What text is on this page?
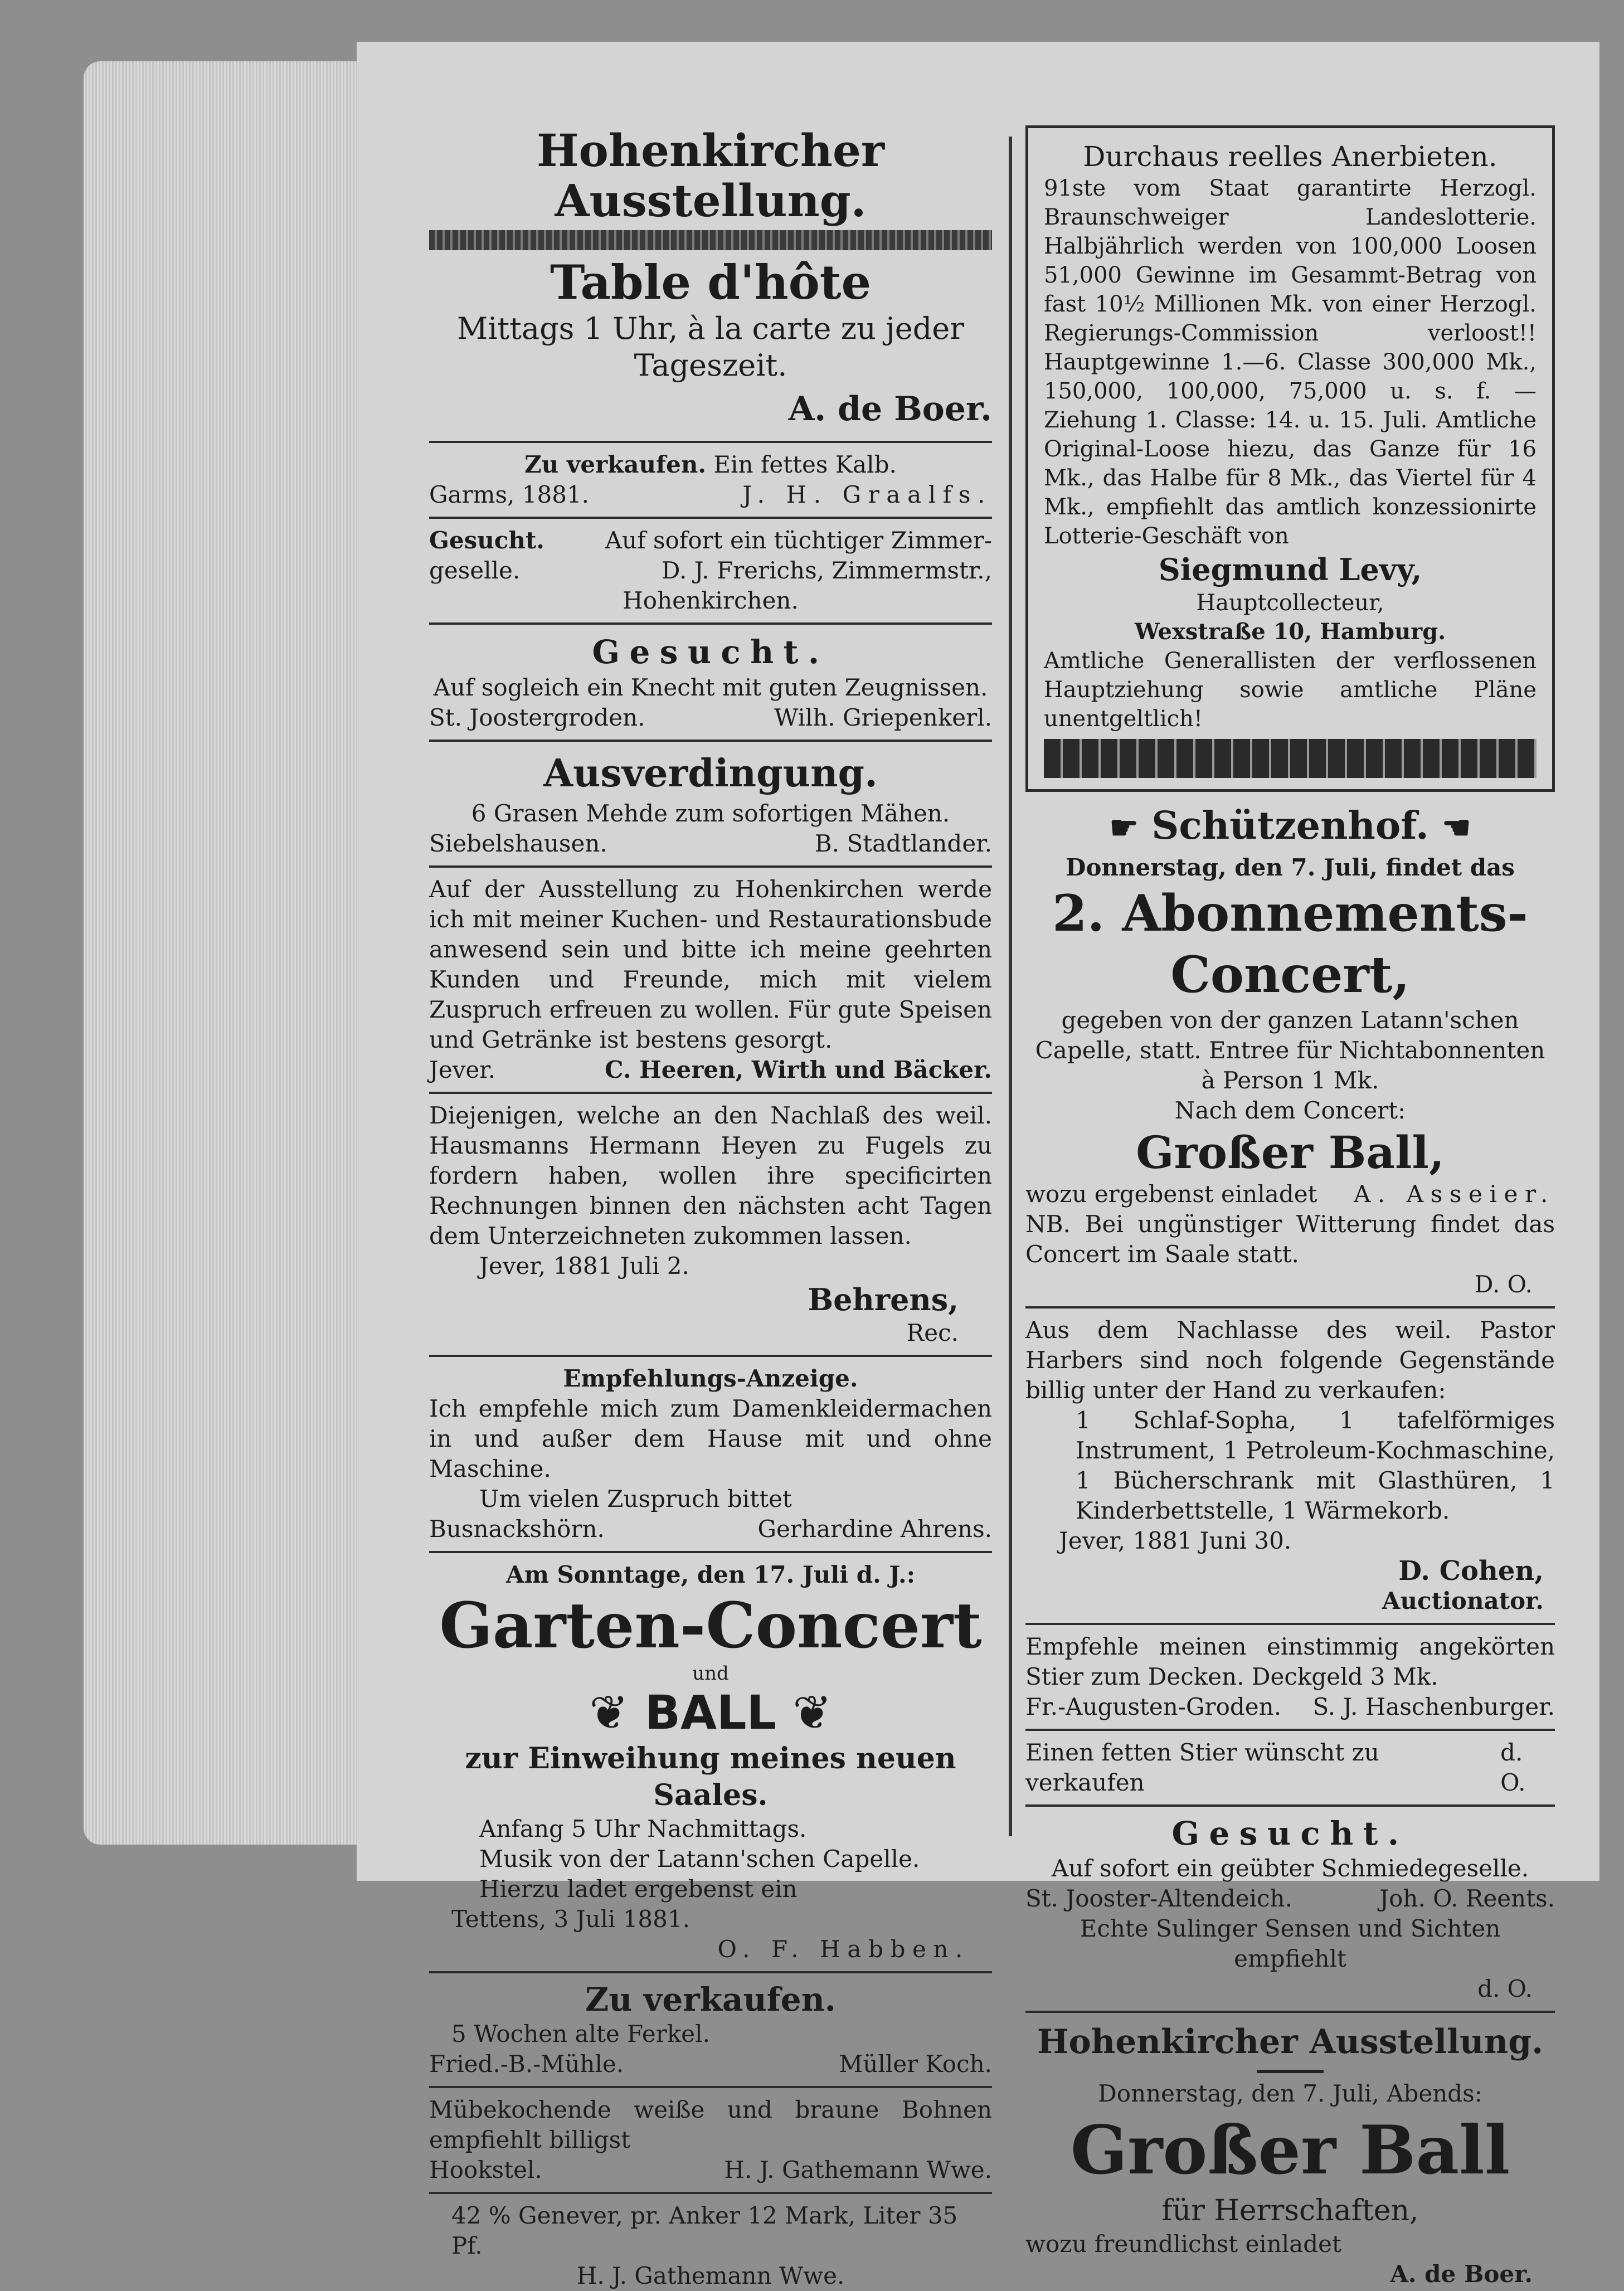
Hohenkircher Ausstellung.
Table d'hôte
Mittags 1 Uhr, à la carte zu jeder Tageszeit.
A. de Boer.
Zu verkaufen. Ein fettes Kalb.
Garms, 1881.	J. H. Graalfs.
Gesucht.	Auf sofort ein tüchtiger Zimmer-
geselle.	D. J. Frerichs, Zimmermstr.,
Hohenkirchen.
Gesucht.
Auf sogleich ein Knecht mit guten Zeugnissen.
St. Joostergroden.	Wilh. Griepenkerl.
Ausverdingung.
6 Grasen Mehde zum sofortigen Mähen.
Siebelshausen.	B. Stadtlander.
Auf der Ausstellung zu Hohenkirchen werde ich mit meiner Kuchen- und Restaurationsbude anwesend sein und bitte ich meine geehrten Kunden und Freunde, mich mit vielem Zuspruch erfreuen zu wollen. Für gute Speisen und Getränke ist bestens gesorgt.
Jever.	C. Heeren, Wirth und Bäcker.
Diejenigen, welche an den Nachlaß des weil. Hausmanns Hermann Heyen zu Fugels zu fordern haben, wollen ihre specificirten Rechnungen binnen den nächsten acht Tagen dem Unterzeichneten zukommen lassen.
Jever, 1881 Juli 2.
Behrens,
Rec.
Empfehlungs-Anzeige.
Ich empfehle mich zum Damenkleidermachen in und außer dem Hause mit und ohne Maschine.
Um vielen Zuspruch bittet
Busnackshörn.	Gerhardine Ahrens.
Am Sonntage, den 17. Juli d. J.:
Garten-Concert
und
❦ BALL ❦
zur Einweihung meines neuen Saales.
Anfang 5 Uhr Nachmittags.
Musik von der Latann'schen Capelle.
Hierzu ladet ergebenst ein
Tettens, 3 Juli 1881.
O. F. Habben.
Zu verkaufen.
5 Wochen alte Ferkel.
Fried.-B.-Mühle.	Müller Koch.
Mübekochende weiße und braune Bohnen empfiehlt billigst
Hookstel.	H. J. Gathemann Wwe.
42 % Genever, pr. Anker 12 Mark, Liter 35 Pf.
H. J. Gathemann Wwe.
Durchaus reelles Anerbieten.
91ste vom Staat garantirte Herzogl. Braunschweiger Landeslotterie. Halbjährlich werden von 100,000 Loosen 51,000 Gewinne im Gesammt-Betrag von fast 10½ Millionen Mk. von einer Herzogl. Regierungs-Commission verloost!! Hauptgewinne 1.—6. Classe 300,000 Mk., 150,000, 100,000, 75,000 u. s. f. — Ziehung 1. Classe: 14. u. 15. Juli. Amtliche Original-Loose hiezu, das Ganze für 16 Mk., das Halbe für 8 Mk., das Viertel für 4 Mk., empfiehlt das amtlich konzessionirte Lotterie-Geschäft von
Siegmund Levy,
Hauptcollecteur,
Wexstraße 10, Hamburg.
Amtliche Generallisten der verflossenen Hauptziehung sowie amtliche Pläne unentgeltlich!
☛ Schützenhof. ☚
Donnerstag, den 7. Juli, findet das
2. Abonnements-Concert,
gegeben von der ganzen Latann'schen Capelle, statt. Entree für Nichtabonnenten à Person 1 Mk.
Nach dem Concert:
Großer Ball,
wozu ergebenst einladet A. Asseier.
NB. Bei ungünstiger Witterung findet das Concert im Saale statt.
D. O.
Aus dem Nachlasse des weil. Pastor Harbers sind noch folgende Gegenstände billig unter der Hand zu verkaufen:
1 Schlaf-Sopha, 1 tafelförmiges Instrument, 1 Petroleum-Kochmaschine, 1 Bücherschrank mit Glasthüren, 1 Kinderbettstelle, 1 Wärmekorb.
Jever, 1881 Juni 30.
D. Cohen,
Auctionator.
Empfehle meinen einstimmig angekörten Stier zum Decken. Deckgeld 3 Mk.
Fr.-Augusten-Groden. S. J. Haschenburger.
Einen fetten Stier wünscht zu verkaufen
d. O.
Gesucht.
Auf sofort ein geübter Schmiedegeselle.
St. Jooster-Altendeich.	Joh. O. Reents.
Echte Sulinger Sensen und Sichten empfiehlt
d. O.
Hohenkircher Ausstellung.
Donnerstag, den 7. Juli, Abends:
Großer Ball
für Herrschaften,
wozu freundlichst einladet
A. de Boer.
